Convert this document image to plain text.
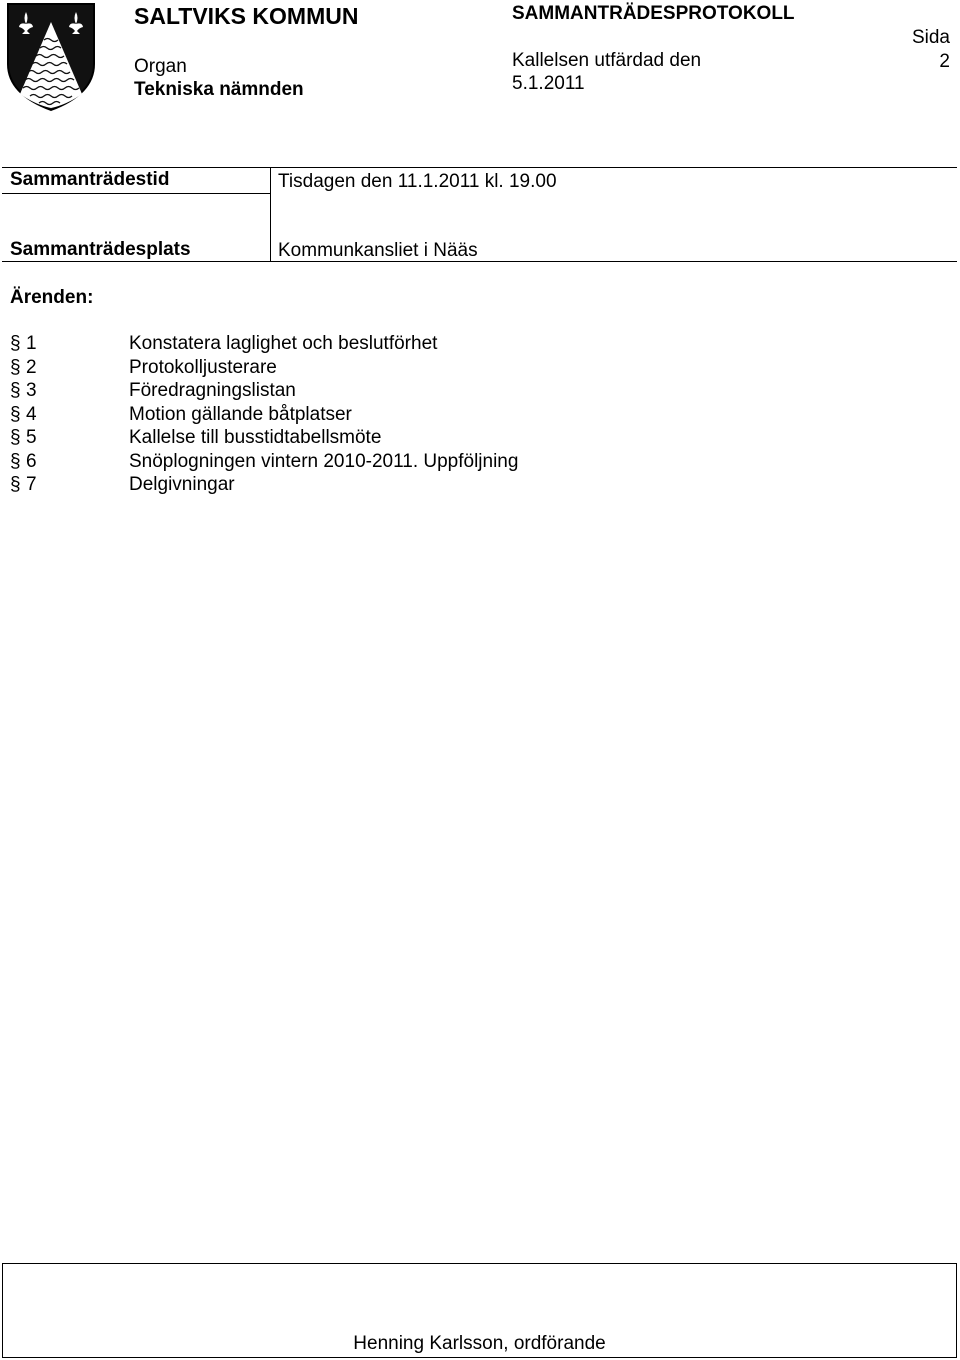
SALTVIKS KOMMUN
Organ
Tekniska nämnden
SAMMANTRÄDESPROTOKOLL
Kallelsen utfärdad den
5.1.2011
Sida
2
Sammanträdestid	Tisdagen den 11.1.2011 kl. 19.00
Sammanträdesplats	Kommunkansliet i Nääs
Ärenden:
§ 1	Konstatera laglighet och beslutförhet
§ 2	Protokolljusterare
§ 3	Föredragningslistan
§ 4	Motion gällande båtplatser
§ 5	Kallelse till busstidtabellsmöte
§ 6	Snöplogningen vintern 2010-2011. Uppföljning
§ 7	Delgivningar
Henning Karlsson, ordförande
